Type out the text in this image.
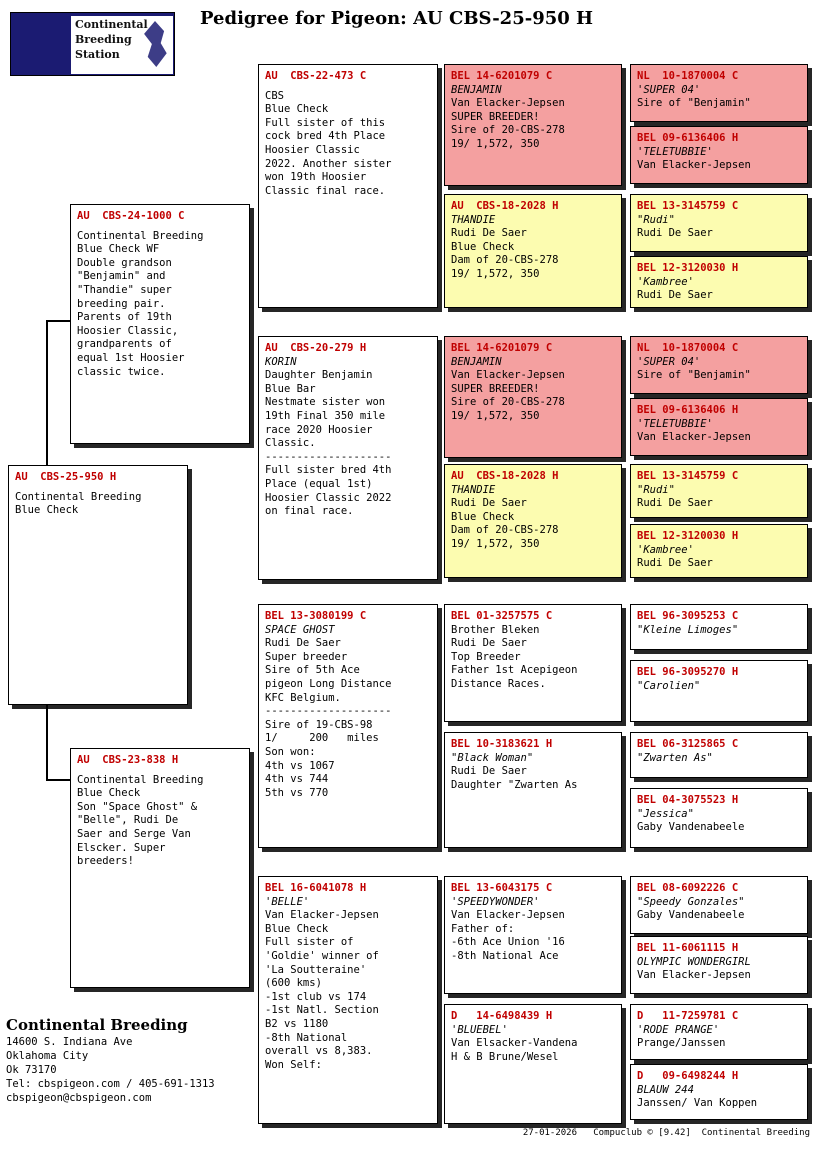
Continental
Breeding
Station
Pedigree for Pigeon: AU CBS-25-950 H
AU  CBS-25-950 H
Continental Breeding
Blue Check
AU  CBS-24-1000 C
Continental Breeding
Blue Check WF
Double grandson
"Benjamin" and
"Thandie" super
breeding pair.
Parents of 19th
Hoosier Classic,
grandparents of
equal 1st Hoosier
classic twice.
AU  CBS-23-838 H
Continental Breeding
Blue Check
Son "Space Ghost" &
"Belle", Rudi De
Saer and Serge Van
Elscker. Super
breeders!
AU  CBS-22-473 C
CBS
Blue Check
Full sister of this
cock bred 4th Place
Hoosier Classic
2022. Another sister
won 19th Hoosier
Classic final race.
AU  CBS-20-279 H
KORIN
Daughter Benjamin
Blue Bar
Nestmate sister won
19th Final 350 mile
race 2020 Hoosier
Classic.
--------------------
Full sister bred 4th
Place (equal 1st)
Hoosier Classic 2022
on final race.
BEL 13-3080199 C
SPACE GHOST
Rudi De Saer
Super breeder
Sire of 5th Ace
pigeon Long Distance
KFC Belgium.
--------------------
Sire of 19-CBS-98
1/     200   miles
Son won:
4th vs 1067
4th vs 744
5th vs 770
BEL 16-6041078 H
'BELLE'
Van Elacker-Jepsen
Blue Check
Full sister of
'Goldie' winner of
'La Soutteraine'
(600 kms)
-1st club vs 174
-1st Natl. Section
B2 vs 1180
-8th National
overall vs 8,383.
Won Self:
BEL 14-6201079 C
BENJAMIN
Van Elacker-Jepsen
SUPER BREEDER!
Sire of 20-CBS-278
19/ 1,572, 350
AU  CBS-18-2028 H
THANDIE
Rudi De Saer
Blue Check
Dam of 20-CBS-278
19/ 1,572, 350
BEL 14-6201079 C
BENJAMIN
Van Elacker-Jepsen
SUPER BREEDER!
Sire of 20-CBS-278
19/ 1,572, 350
AU  CBS-18-2028 H
THANDIE
Rudi De Saer
Blue Check
Dam of 20-CBS-278
19/ 1,572, 350
BEL 01-3257575 C
Brother Bleken
Rudi De Saer
Top Breeder
Father 1st Acepigeon
Distance Races.
BEL 10-3183621 H
"Black Woman"
Rudi De Saer
Daughter "Zwarten As
BEL 13-6043175 C
'SPEEDYWONDER'
Van Elacker-Jepsen
Father of:
-6th Ace Union '16
-8th National Ace
D   14-6498439 H
'BLUEBEL'
Van Elsacker-Vandena
H & B Brune/Wesel
NL  10-1870004 C
'SUPER 04'
Sire of "Benjamin"
BEL 09-6136406 H
'TELETUBBIE'
Van Elacker-Jepsen
BEL 13-3145759 C
"Rudi"
Rudi De Saer
BEL 12-3120030 H
'Kambree'
Rudi De Saer
NL  10-1870004 C
'SUPER 04'
Sire of "Benjamin"
BEL 09-6136406 H
'TELETUBBIE'
Van Elacker-Jepsen
BEL 13-3145759 C
"Rudi"
Rudi De Saer
BEL 12-3120030 H
'Kambree'
Rudi De Saer
BEL 96-3095253 C
"Kleine Limoges"
BEL 96-3095270 H
"Carolien"
BEL 06-3125865 C
"Zwarten As"
BEL 04-3075523 H
"Jessica"
Gaby Vandenabeele
BEL 08-6092226 C
"Speedy Gonzales"
Gaby Vandenabeele
BEL 11-6061115 H
OLYMPIC WONDERGIRL
Van Elacker-Jepsen
D   11-7259781 C
'RODE PRANGE'
Prange/Janssen
D   09-6498244 H
BLAUW 244
Janssen/ Van Koppen
Continental Breeding
14600 S. Indiana Ave
Oklahoma City
Ok 73170
Tel: cbspigeon.com / 405-691-1313
cbspigeon@cbspigeon.com
27-01-2026   Compuclub © [9.42]  Continental Breeding
